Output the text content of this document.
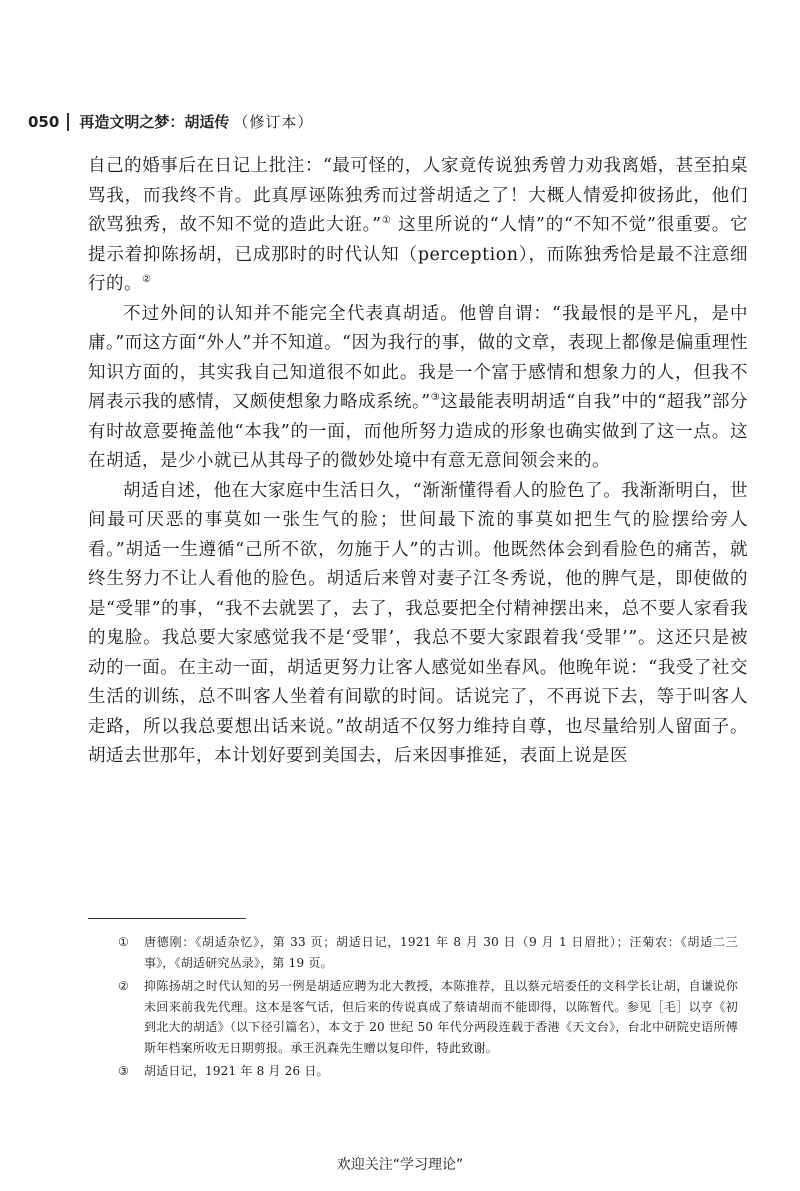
050 再造文明之梦：胡适传 （修订本）

自己的婚事后在日记上批注：“最可怪的，人家竟传说独秀曾力劝我离婚，甚至拍桌骂我，而我终不肯。此真厚诬陈独秀而过誉胡适之了！大概人情爱抑彼扬此，他们欲骂独秀，故不知不觉的造此大诳。”① 这里所说的“人情”的“不知不觉”很重要。它提示着抑陈扬胡，已成那时的时代认知（perception），而陈独秀恰是最不注意细行的。②

不过外间的认知并不能完全代表真胡适。他曾自谓：“我最恨的是平凡，是中庸。”而这方面“外人”并不知道。“因为我行的事，做的文章，表现上都像是偏重理性知识方面的，其实我自己知道很不如此。我是一个富于感情和想象力的人，但我不屑表示我的感情，又颇使想象力略成系统。”③这最能表明胡适“自我”中的“超我”部分有时故意要掩盖他“本我”的一面，而他所努力造成的形象也确实做到了这一点。这在胡适，是少小就已从其母子的微妙处境中有意无意间领会来的。

胡适自述，他在大家庭中生活日久，“渐渐懂得看人的脸色了。我渐渐明白，世间最可厌恶的事莫如一张生气的脸；世间最下流的事莫如把生气的脸摆给旁人看。”胡适一生遵循“己所不欲，勿施于人”的古训。他既然体会到看脸色的痛苦，就终生努力不让人看他的脸色。胡适后来曾对妻子江冬秀说，他的脾气是，即使做的是“受罪”的事，“我不去就罢了，去了，我总要把全付精神摆出来，总不要人家看我的鬼脸。我总要大家感觉我不是‘受罪’，我总不要大家跟着我‘受罪’”。这还只是被动的一面。在主动一面，胡适更努力让客人感觉如坐春风。他晚年说：“我受了社交生活的训练，总不叫客人坐着有间歇的时间。话说完了，不再说下去，等于叫客人走路，所以我总要想出话来说。”故胡适不仅努力维持自尊，也尽量给别人留面子。胡适去世那年，本计划好要到美国去，后来因事推延，表面上说是医

①	唐德刚：《胡适杂忆》，第 33 页；胡适日记，1921 年 8 月 30 日（9 月 1 日眉批）；汪菊农：《胡适二三事》，《胡适研究丛录》，第 19 页。
②	抑陈扬胡之时代认知的另一例是胡适应聘为北大教授，本陈推荐，且以蔡元培委任的文科学长让胡，自谦说你未回来前我先代理。这本是客气话，但后来的传说真成了蔡请胡而不能即得，以陈暂代。参见［毛］以亨《初到北大的胡适》（以下径引篇名），本文于 20 世纪 50 年代分两段连载于香港《天文台》，台北中研院史语所傅斯年档案所收无日期剪报。承王汎森先生赠以复印件，特此致谢。
③	胡适日记，1921 年 8 月 26 日。
欢迎关注“学习理论”
